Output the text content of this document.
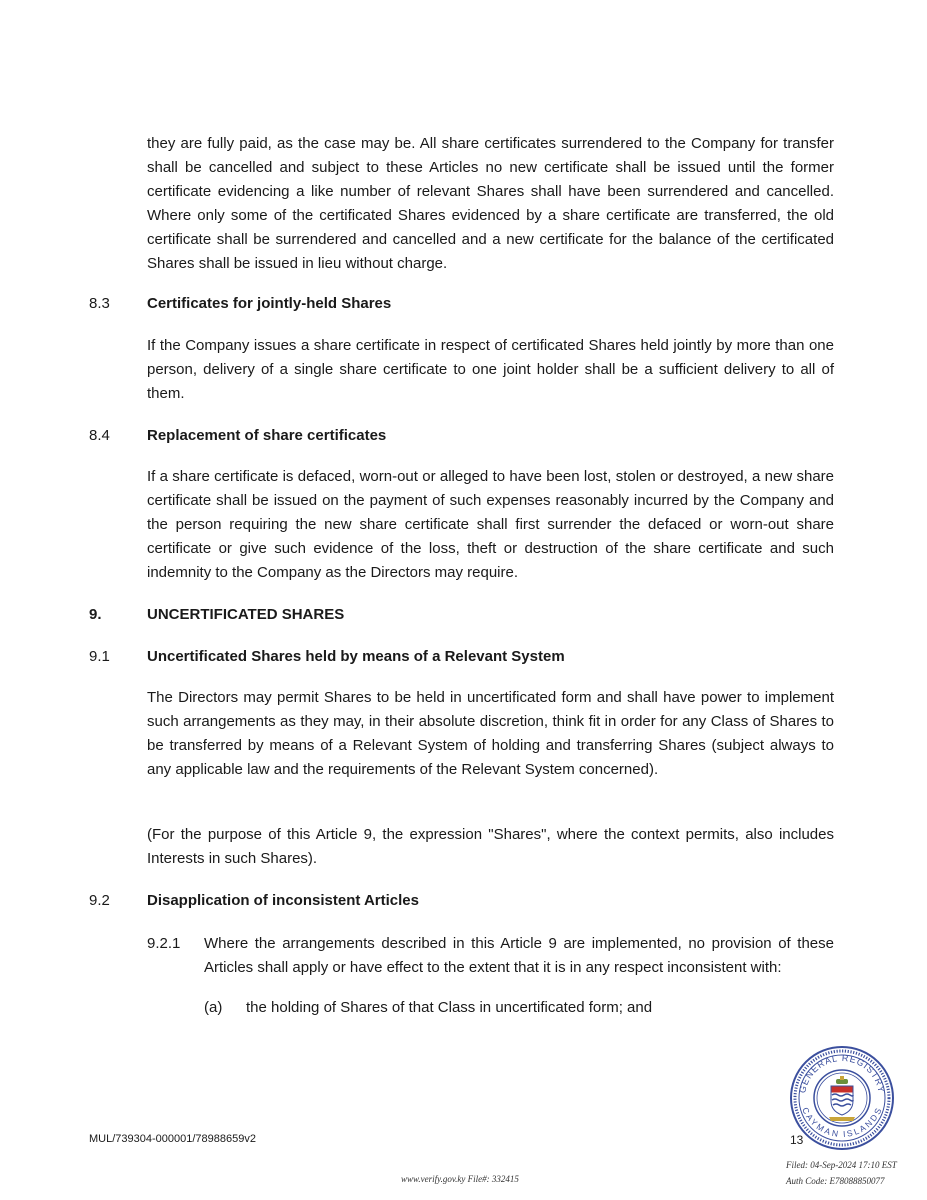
they are fully paid, as the case may be. All share certificates surrendered to the Company for transfer shall be cancelled and subject to these Articles no new certificate shall be issued until the former certificate evidencing a like number of relevant Shares shall have been surrendered and cancelled. Where only some of the certificated Shares evidenced by a share certificate are transferred, the old certificate shall be surrendered and cancelled and a new certificate for the balance of the certificated Shares shall be issued in lieu without charge.

8.3 Certificates for jointly-held Shares

If the Company issues a share certificate in respect of certificated Shares held jointly by more than one person, delivery of a single share certificate to one joint holder shall be a sufficient delivery to all of them.

8.4 Replacement of share certificates

If a share certificate is defaced, worn-out or alleged to have been lost, stolen or destroyed, a new share certificate shall be issued on the payment of such expenses reasonably incurred by the Company and the person requiring the new share certificate shall first surrender the defaced or worn-out share certificate or give such evidence of the loss, theft or destruction of the share certificate and such indemnity to the Company as the Directors may require.

9.	UNCERTIFICATED SHARES
9.1 Uncertificated Shares held by means of a Relevant System

The Directors may permit Shares to be held in uncertificated form and shall have power to implement such arrangements as they may, in their absolute discretion, think fit in order for any Class of Shares to be transferred by means of a Relevant System of holding and transferring Shares (subject always to any applicable law and the requirements of the Relevant System concerned).

(For the purpose of this Article 9, the expression "Shares", where the context permits, also includes Interests in such Shares).

9.2 Disapplication of inconsistent Articles
9.2.1 Where the arrangements described in this Article 9 are implemented, no provision of these Articles shall apply or have effect to the extent that it is in any respect inconsistent with:

(a) the holding of Shares of that Class in uncertificated form; and
GENERAL REGISTRY
CAYMAN ISLANDS
MUL/739304-000001/78988659v2	13
Filed: 04-Sep-2024 17:10 EST
Auth Code: E78088850077
www.verify.gov.ky File#: 332415
